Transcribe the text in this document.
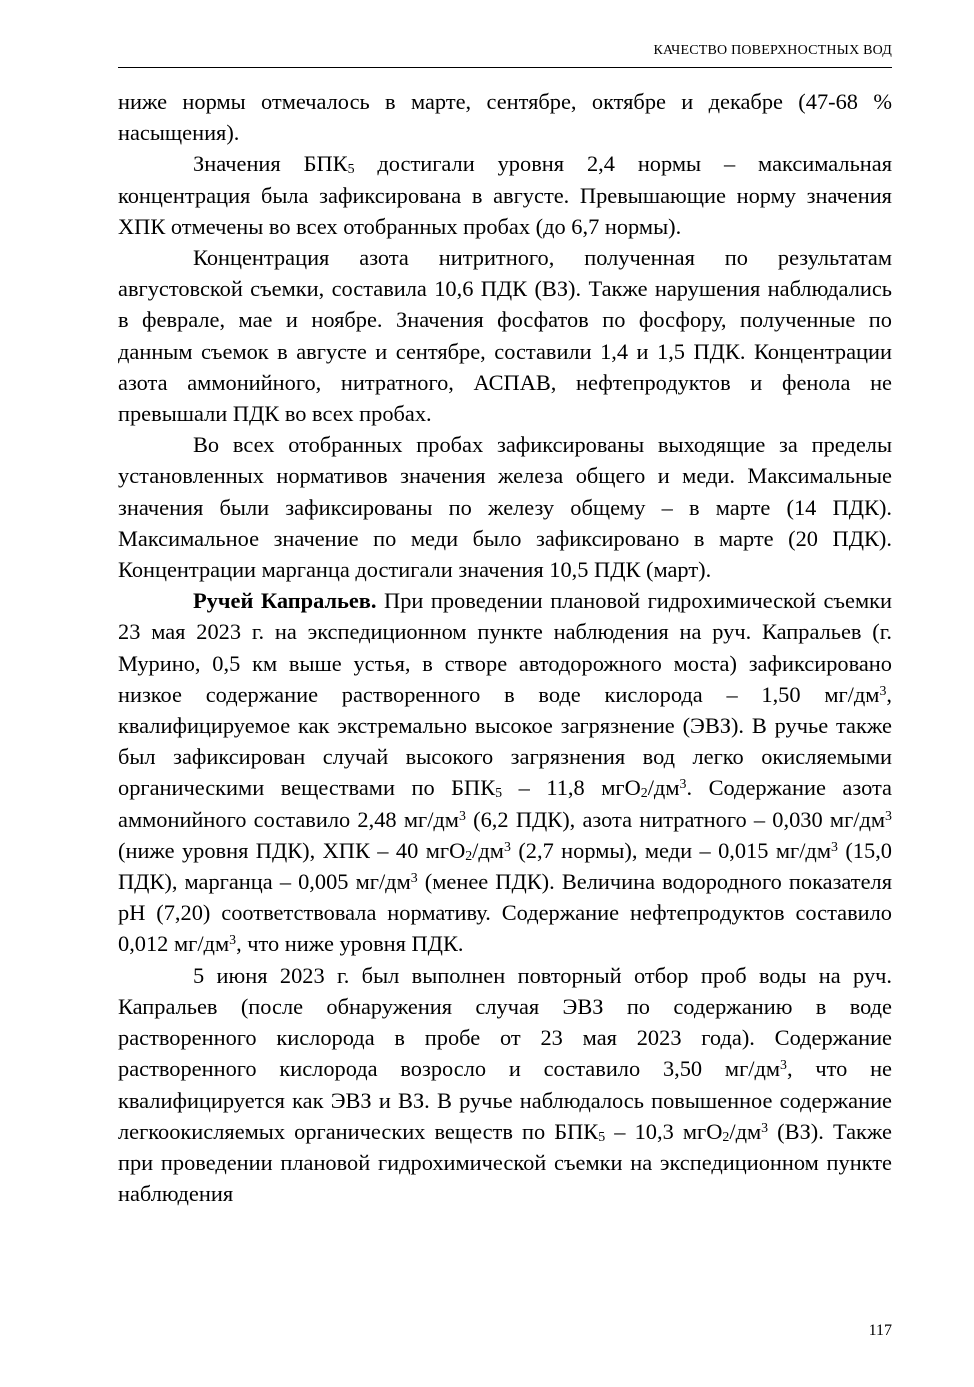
КАЧЕСТВО ПОВЕРХНОСТНЫХ ВОД

ниже нормы отмечалось в марте, сентябре, октябре и декабре (47-68 % насыщения).

Значения БПК5 достигали уровня 2,4 нормы – максимальная концентрация была зафиксирована в августе. Превышающие норму значения ХПК отмечены во всех отобранных пробах (до 6,7 нормы).

Концентрация азота нитритного, полученная по результатам августовской съемки, составила 10,6 ПДК (ВЗ). Также нарушения наблюдались в феврале, мае и ноябре. Значения фосфатов по фосфору, полученные по данным съемок в августе и сентябре, составили 1,4 и 1,5 ПДК. Концентрации азота аммонийного, нитратного, АСПАВ, нефтепродуктов и фенола не превышали ПДК во всех пробах.

Во всех отобранных пробах зафиксированы выходящие за пределы установленных нормативов значения железа общего и меди. Максимальные значения были зафиксированы по железу общему – в марте (14 ПДК). Максимальное значение по меди было зафиксировано в марте (20 ПДК). Концентрации марганца достигали значения 10,5 ПДК (март).

Ручей Капральев. При проведении плановой гидрохимической съемки 23 мая 2023 г. на экспедиционном пункте наблюдения на руч. Капральев (г. Мурино, 0,5 км выше устья, в створе автодорожного моста) зафиксировано низкое содержание растворенного в воде кислорода – 1,50 $мг/дм^3$, квалифицируемое как экстремально высокое загрязнение (ЭВЗ). В ручье также был зафиксирован случай высокого загрязнения вод легко окисляемыми органическими веществами по БПК5 – 11,8 $мгО2/дм^3$. Содержание азота аммонийного составило 2,48 $мг/дм^3$ (6,2 ПДК), азота нитратного – 0,030 $мг/дм^3$ (ниже уровня ПДК), ХПК – 40 $мгО2/дм^3$ (2,7 нормы), меди – 0,015 $мг/дм^3$ (15,0 ПДК), марганца – 0,005 $мг/дм^3$ (менее ПДК). Величина водородного показателя рН (7,20) соответствовала нормативу. Содержание нефтепродуктов составило 0,012 $мг/дм^3$, что ниже уровня ПДК.

5 июня 2023 г. был выполнен повторный отбор проб воды на руч. Капральев (после обнаружения случая ЭВЗ по содержанию в воде растворенного кислорода в пробе от 23 мая 2023 года). Содержание растворенного кислорода возросло и составило 3,50 $мг/дм^3$, что не квалифицируется как ЭВЗ и ВЗ. В ручье наблюдалось повышенное содержание легкоокисляемых органических веществ по БПК5 – 10,3 $мгО2/дм^3$ (ВЗ). Также при проведении плановой гидрохимической съемки на экспедиционном пункте наблюдения

117
